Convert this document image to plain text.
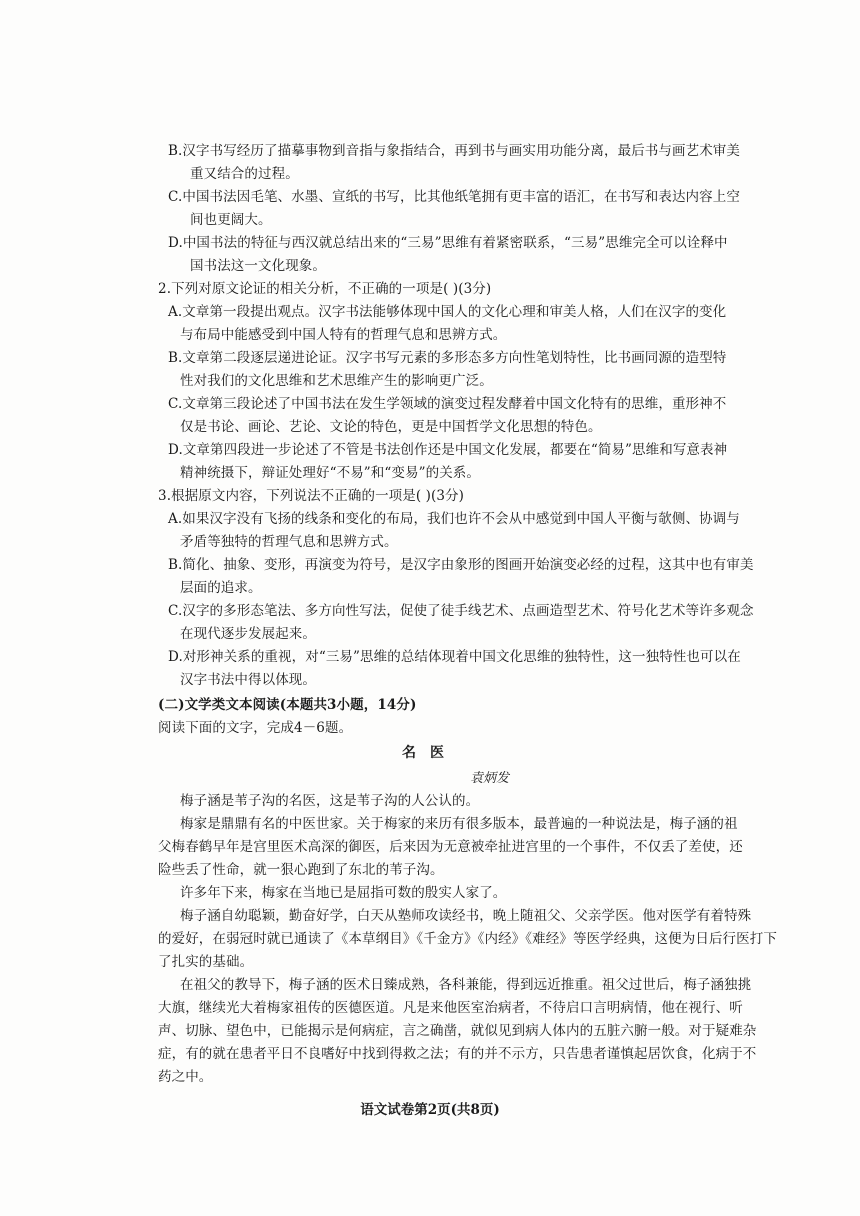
B.汉字书写经历了描摹事物到音指与象指结合，再到书与画实用功能分离，最后书与画艺术审美
重又结合的过程。
C.中国书法因毛笔、水墨、宣纸的书写，比其他纸笔拥有更丰富的语汇，在书写和表达内容上空
间也更阔大。
D.中国书法的特征与西汉就总结出来的“三易”思维有着紧密联系，“三易”思维完全可以诠释中
国书法这一文化现象。
2.下列对原文论证的相关分析，不正确的一项是( )(3分)
A.文章第一段提出观点。汉字书法能够体现中国人的文化心理和审美人格，人们在汉字的变化
与布局中能感受到中国人特有的哲理气息和思辨方式。
B.文章第二段逐层递进论证。汉字书写元素的多形态多方向性笔划特性，比书画同源的造型特
性对我们的文化思维和艺术思维产生的影响更广泛。
C.文章第三段论述了中国书法在发生学领域的演变过程发酵着中国文化特有的思维，重形神不
仅是书论、画论、艺论、文论的特色，更是中国哲学文化思想的特色。
D.文章第四段进一步论述了不管是书法创作还是中国文化发展，都要在“简易”思维和写意表神
精神统摄下，辩证处理好“不易”和“变易”的关系。
3.根据原文内容，下列说法不正确的一项是( )(3分)
A.如果汉字没有飞扬的线条和变化的布局，我们也许不会从中感觉到中国人平衡与欹侧、协调与
矛盾等独特的哲理气息和思辨方式。
B.简化、抽象、变形，再演变为符号，是汉字由象形的图画开始演变必经的过程，这其中也有审美
层面的追求。
C.汉字的多形态笔法、多方向性写法，促使了徒手线艺术、点画造型艺术、符号化艺术等许多观念
在现代逐步发展起来。
D.对形神关系的重视，对“三易”思维的总结体现着中国文化思维的独特性，这一独特性也可以在
汉字书法中得以体现。
(二)文学类文本阅读(本题共3小题，14分)
阅读下面的文字，完成4－6题。
名医
袁炳发
梅子涵是苇子沟的名医，这是苇子沟的人公认的。
梅家是鼎鼎有名的中医世家。关于梅家的来历有很多版本，最普遍的一种说法是，梅子涵的祖
父梅春鹤早年是宫里医术高深的御医，后来因为无意被牵扯进宫里的一个事件，不仅丢了差使，还
险些丢了性命，就一狠心跑到了东北的苇子沟。
许多年下来，梅家在当地已是屈指可数的殷实人家了。
梅子涵自幼聪颖，勤奋好学，白天从塾师攻读经书，晚上随祖父、父亲学医。他对医学有着特殊
的爱好，在弱冠时就已通读了《本草纲目》《千金方》《内经》《难经》等医学经典，这便为日后行医打下
了扎实的基础。
在祖父的教导下，梅子涵的医术日臻成熟，各科兼能，得到远近推重。祖父过世后，梅子涵独挑
大旗，继续光大着梅家祖传的医德医道。凡是来他医室治病者，不待启口言明病情，他在视行、听
声、切脉、望色中，已能揭示是何病症，言之确凿，就似见到病人体内的五脏六腑一般。对于疑难杂
症，有的就在患者平日不良嗜好中找到得救之法；有的并不示方，只告患者谨慎起居饮食，化病于不
药之中。
语文试卷第2页(共8页)
